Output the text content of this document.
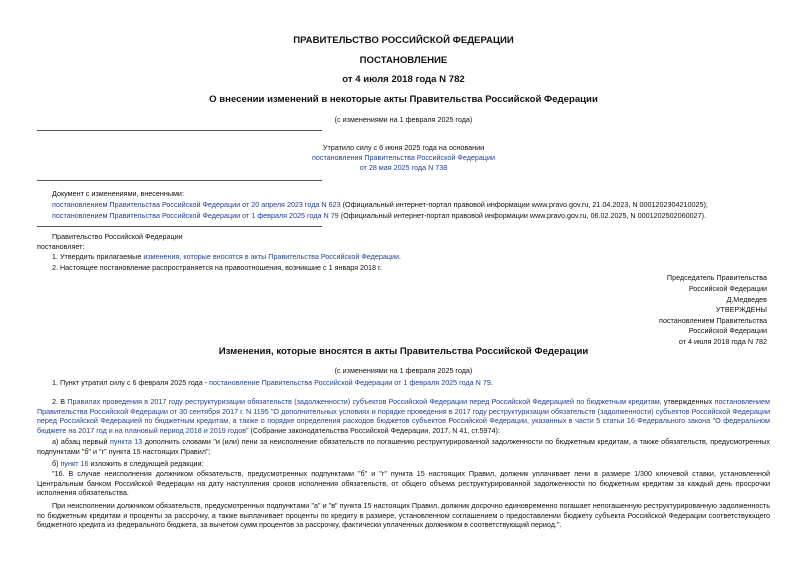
ПРАВИТЕЛЬСТВО РОССИЙСКОЙ ФЕДЕРАЦИИ
ПОСТАНОВЛЕНИЕ
от 4 июля 2018 года N 782
О внесении изменений в некоторые акты Правительства Российской Федерации
(с изменениями на 1 февраля 2025 года)
Утратило силу с 6 июня 2025 года на основании
постановления Правительства Российской Федерации
от 28 мая 2025 года N 738
Документ с изменениями, внесенными:
постановлением Правительства Российской Федерации от 20 апреля 2023 года N 623 (Официальный интернет-портал правовой информации www.pravo.gov.ru, 21.04.2023, N 0001202304210025);
постановлением Правительства Российской Федерации от 1 февраля 2025 года N 79 (Официальный интернет-портал правовой информации www.pravo.gov.ru, 06.02.2025, N 0001202502060027).
Правительство Российской Федерации
постановляет:
1. Утвердить прилагаемые изменения, которые вносятся в акты Правительства Российской Федерации.
2. Настоящее постановление распространяется на правоотношения, возникшие с 1 января 2018 г.
Председатель Правительства
Российской Федерации
Д.Медведев
УТВЕРЖДЕНЫ
постановлением Правительства
Российской Федерации
от 4 июля 2018 года N 782
Изменения, которые вносятся в акты Правительства Российской Федерации
(с изменениями на 1 февраля 2025 года)
1. Пункт утратил силу с 6 февраля 2025 года - постановление Правительства Российской Федерации от 1 февраля 2025 года N 79.
2. В Правилах проведения в 2017 году реструктуризации обязательств (задолженности) субъектов Российской Федерации перед Российской Федерацией по бюджетным кредитам, утвержденных постановлением Правительства Российской Федерации от 30 сентября 2017 г. N 1195 "О дополнительных условиях и порядке проведения в 2017 году реструктуризации обязательств (задолженности) субъектов Российской Федерации перед Российской Федерацией по бюджетным кредитам, а также о порядке определения расходов бюджетов субъектов Российской Федерации, указанных в части 5 статьи 16 Федерального закона "О федеральном бюджете на 2017 год и на плановый период 2018 и 2019 годов" (Собрание законодательства Российской Федерации, 2017, N 41, ст.5974):
а) абзац первый пункта 13 дополнить словами "и (или) пени за неисполнение обязательств по погашению реструктурированной задолженности по бюджетным кредитам, а также обязательств, предусмотренных подпунктами "б" и "г" пункта 15 настоящих Правил";
б) пункт 16 изложить в следующей редакции:
"16. В случае неисполнения должником обязательств, предусмотренных подпунктами "б" и "г" пункта 15 настоящих Правил, должник уплачивает пени в размере 1/300 ключевой ставки, установленной Центральным банком Российской Федерации на дату наступления сроков исполнения обязательств, от общего объема реструктурированной задолженности по бюджетным кредитам за каждый день просрочки исполнения обязательства.
При неисполнении должником обязательств, предусмотренных подпунктами "а" и "в" пункта 15 настоящих Правил, должник досрочно единовременно погашает непогашенную реструктурированную задолженность по бюджетным кредитам и проценты за рассрочку, а также выплачивает проценты по кредиту в размере, установленном соглашением о предоставлении бюджету субъекта Российской Федерации соответствующего бюджетного кредита из федерального бюджета, за вычетом сумм процентов за рассрочку, фактически уплаченных должником в соответствующий период.".
